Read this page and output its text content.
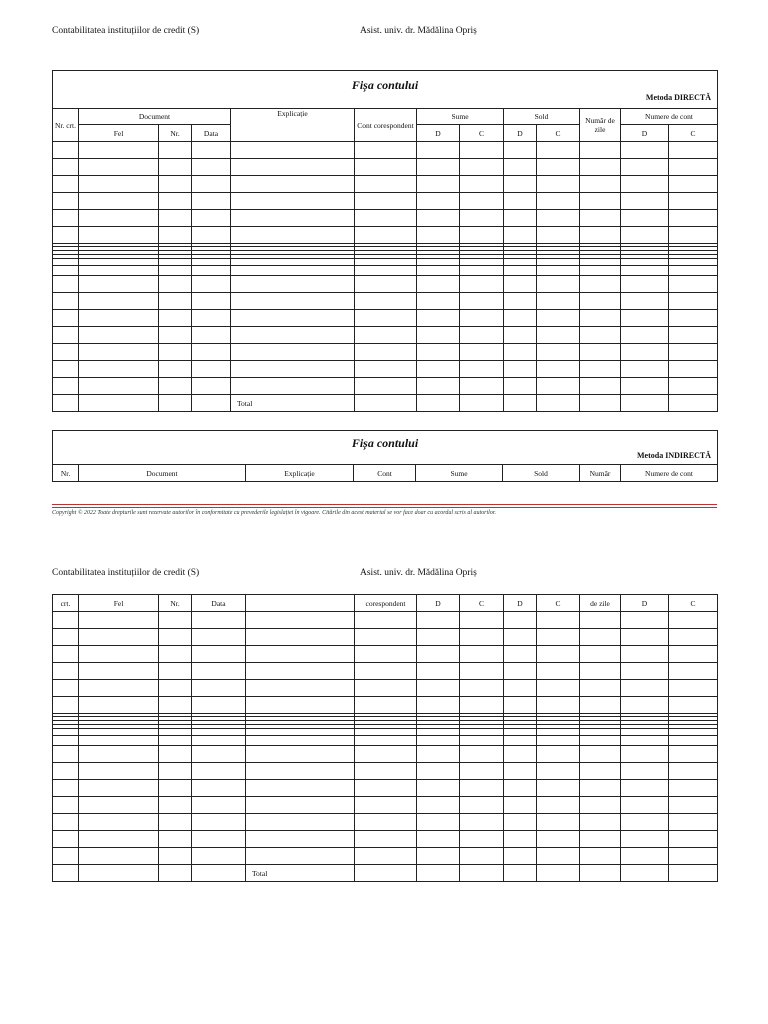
Contabilitatea instituțiilor de credit (S)	Asist. univ. dr. Mădălina Opriș
Fișa contului
Metoda DIRECTĂ												

Nr. crt.	Document			Explicație	Cont corespondent	Sume		Sold		Număr de zile	Numere de cont	
	Fel	Nr.	Data			D	C	D	C		D	C

				Total								
Fișa contului
Metoda INDIRECTĂ

Nr.	Document	Explicație	Cont	Sume	Sold	Număr	Numere de cont
Copyright © 2022 Toate drepturile sunt rezervate autorilor în conformitate cu prevederile legislației în vigoare. Citările din acest material se vor face doar cu acordul scris al autorilor.
Contabilitatea instituțiilor de credit (S)	Asist. univ. dr. Mădălina Opriș
crt.	Fel	Nr.	Data		corespondent	D	C	D	C	de zile	D	C

				Total								
